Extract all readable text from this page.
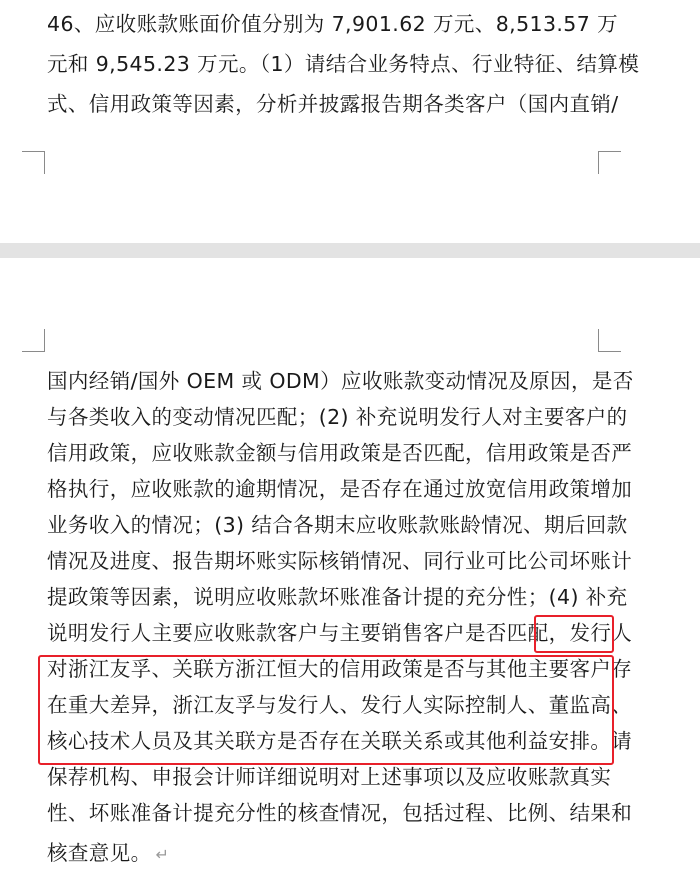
46、应收账款账面价值分别为 7,901.62 万元、8,513.57 万
元和 9,545.23 万元。（1）请结合业务特点、行业特征、结算模
式、信用政策等因素，分析并披露报告期各类客户（国内直销/
国内经销/国外 OEM 或 ODM）应收账款变动情况及原因，是否
与各类收入的变动情况匹配；(2) 补充说明发行人对主要客户的
信用政策，应收账款金额与信用政策是否匹配，信用政策是否严
格执行，应收账款的逾期情况，是否存在通过放宽信用政策增加
业务收入的情况；(3) 结合各期末应收账款账龄情况、期后回款
情况及进度、报告期坏账实际核销情况、同行业可比公司坏账计
提政策等因素，说明应收账款坏账准备计提的充分性；(4) 补充
说明发行人主要应收账款客户与主要销售客户是否匹配，发行人
对浙江友孚、关联方浙江恒大的信用政策是否与其他主要客户存
在重大差异，浙江友孚与发行人、发行人实际控制人、董监高、
核心技术人员及其关联方是否存在关联关系或其他利益安排。请
保荐机构、申报会计师详细说明对上述事项以及应收账款真实
性、坏账准备计提充分性的核查情况，包括过程、比例、结果和
核查意见。 ↵
